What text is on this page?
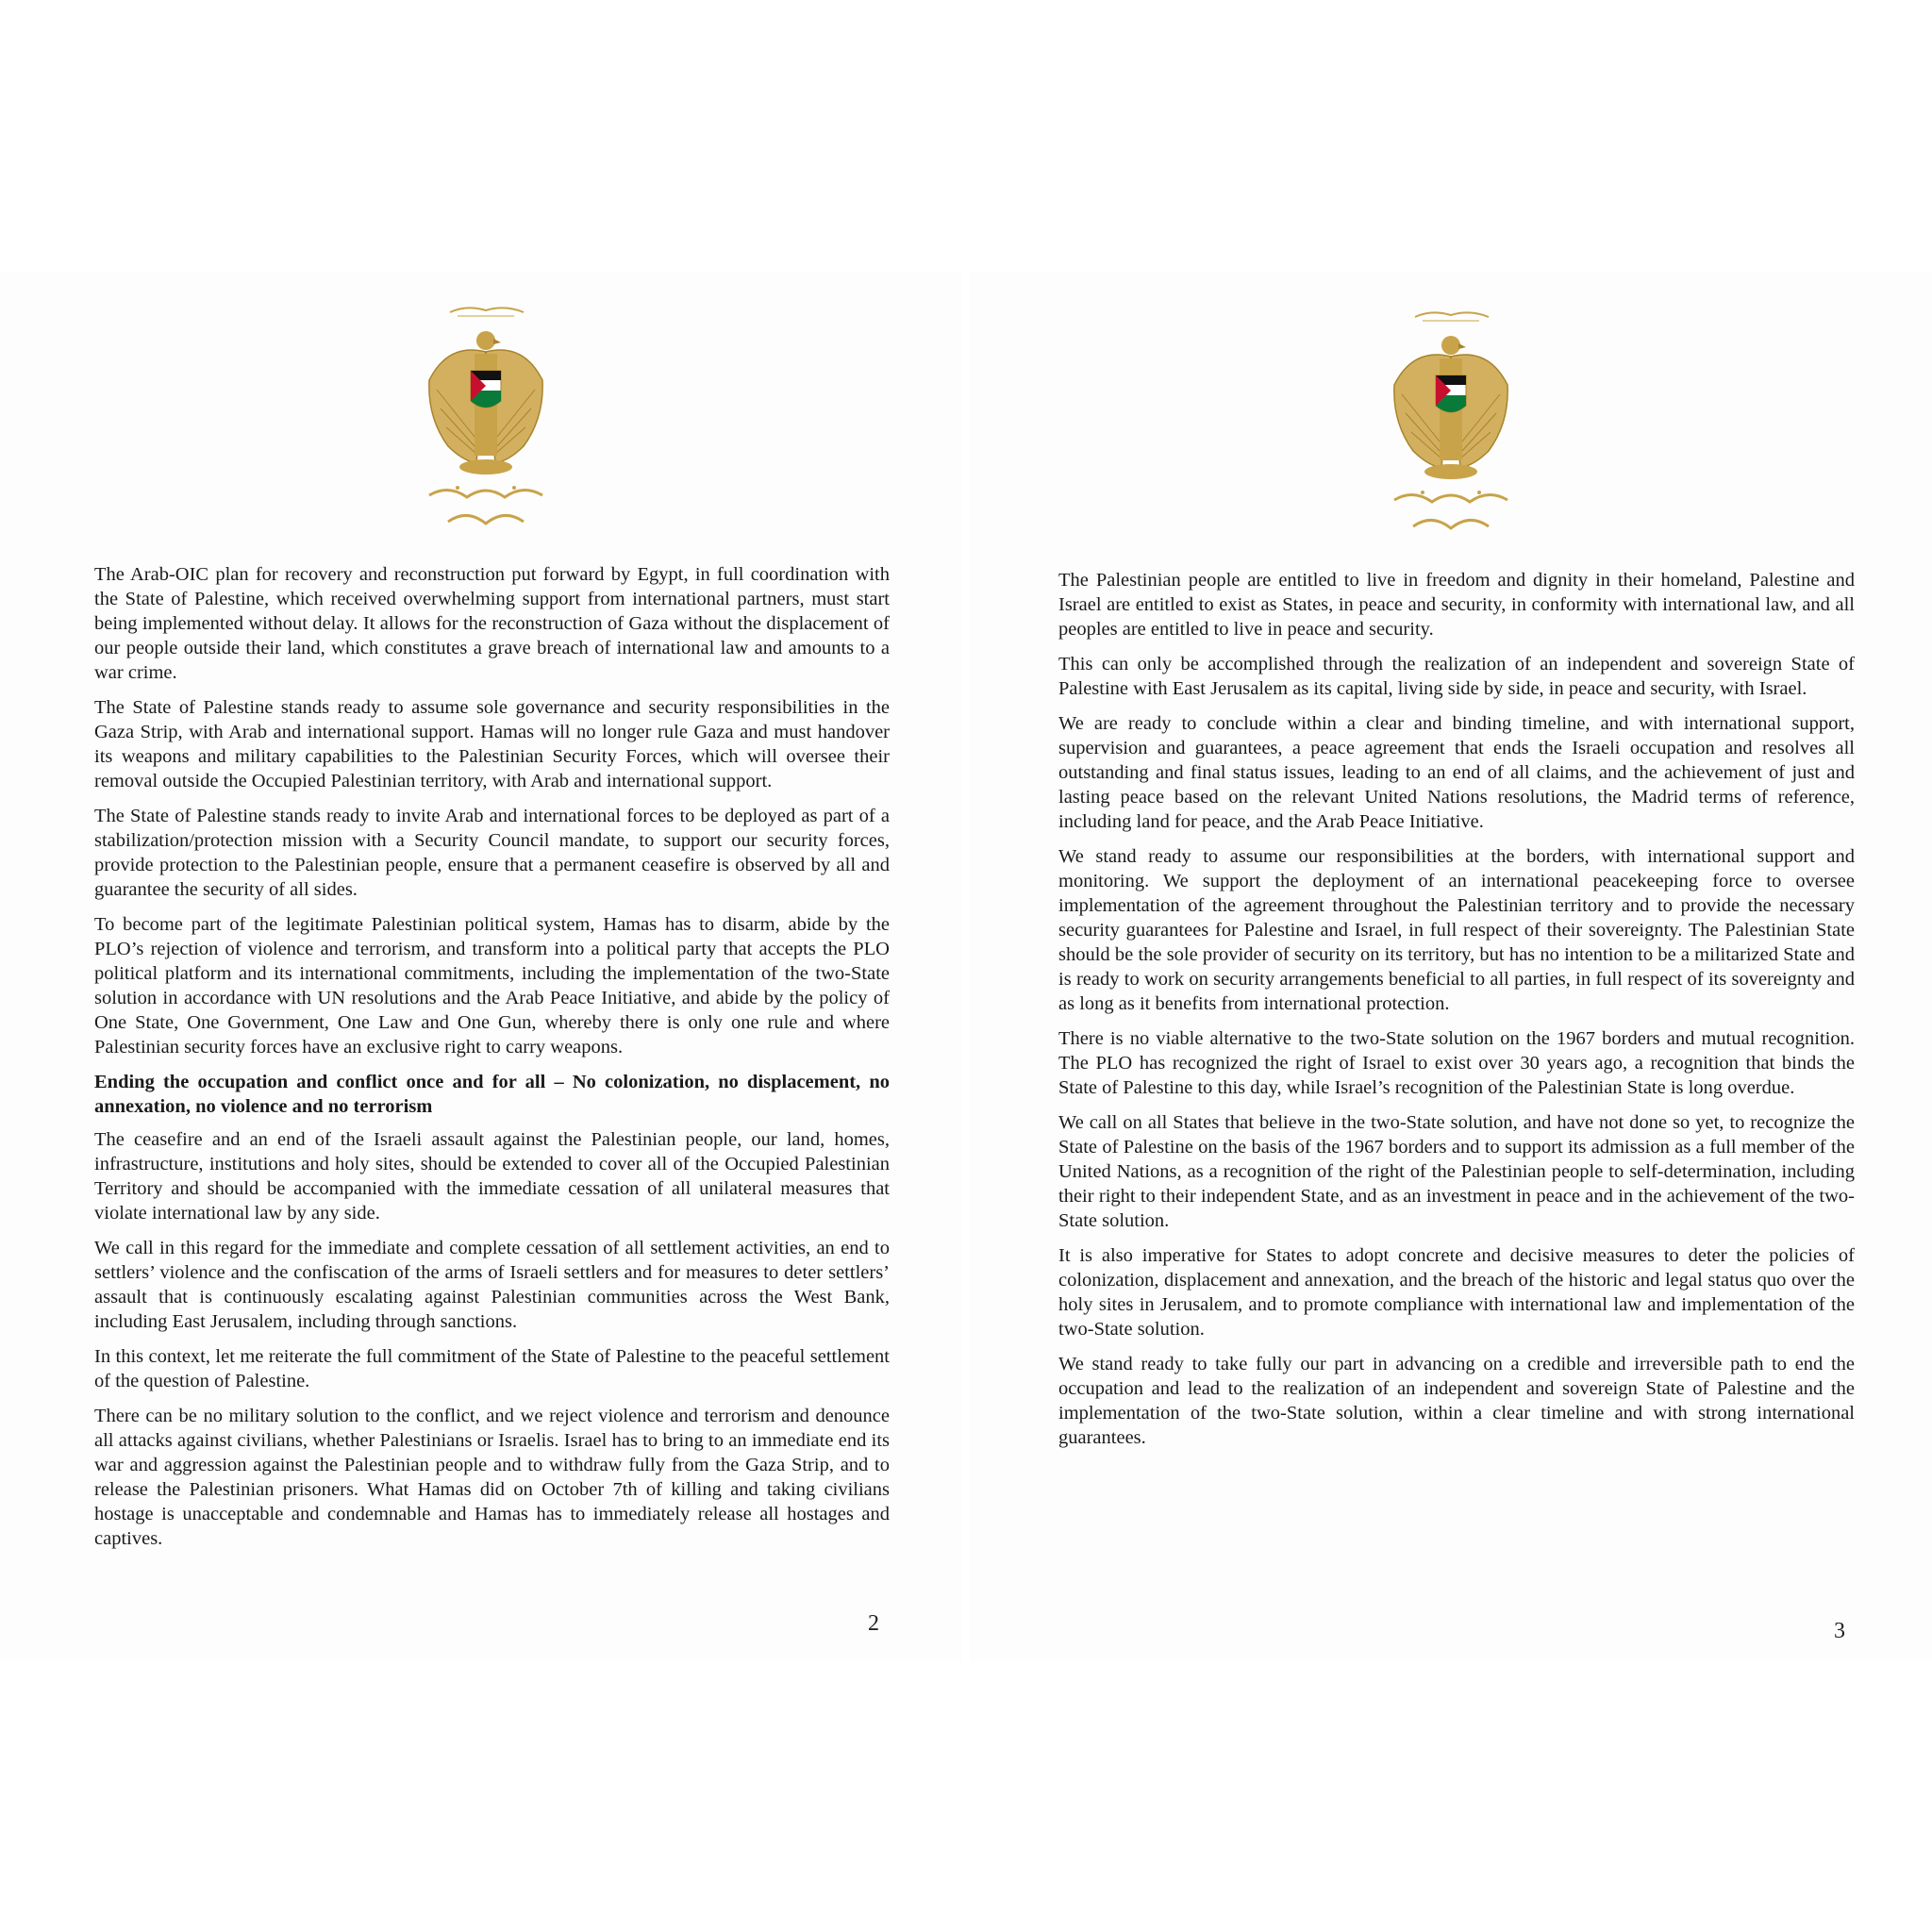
The Arab-OIC plan for recovery and reconstruction put forward by Egypt, in full coordination with the State of Palestine, which received overwhelming support from international partners, must start being implemented without delay. It allows for the reconstruction of Gaza without the displacement of our people outside their land, which constitutes a grave breach of international law and amounts to a war crime.

The State of Palestine stands ready to assume sole governance and security responsibilities in the Gaza Strip, with Arab and international support. Hamas will no longer rule Gaza and must handover its weapons and military capabilities to the Palestinian Security Forces, which will oversee their removal outside the Occupied Palestinian territory, with Arab and international support.

The State of Palestine stands ready to invite Arab and international forces to be deployed as part of a stabilization/protection mission with a Security Council mandate, to support our security forces, provide protection to the Palestinian people, ensure that a permanent ceasefire is observed by all and guarantee the security of all sides.

To become part of the legitimate Palestinian political system, Hamas has to disarm, abide by the PLO’s rejection of violence and terrorism, and transform into a political party that accepts the PLO political platform and its international commitments, including the implementation of the two-State solution in accordance with UN resolutions and the Arab Peace Initiative, and abide by the policy of One State, One Government, One Law and One Gun, whereby there is only one rule and where Palestinian security forces have an exclusive right to carry weapons.

Ending the occupation and conflict once and for all – No colonization, no displacement, no annexation, no violence and no terrorism

The ceasefire and an end of the Israeli assault against the Palestinian people, our land, homes, infrastructure, institutions and holy sites, should be extended to cover all of the Occupied Palestinian Territory and should be accompanied with the immediate cessation of all unilateral measures that violate international law by any side.

We call in this regard for the immediate and complete cessation of all settlement activities, an end to settlers’ violence and the confiscation of the arms of Israeli settlers and for measures to deter settlers’ assault that is continuously escalating against Palestinian communities across the West Bank, including East Jerusalem, including through sanctions.

In this context, let me reiterate the full commitment of the State of Palestine to the peaceful settlement of the question of Palestine.

There can be no military solution to the conflict, and we reject violence and terrorism and denounce all attacks against civilians, whether Palestinians or Israelis. Israel has to bring to an immediate end its war and aggression against the Palestinian people and to withdraw fully from the Gaza Strip, and to release the Palestinian prisoners. What Hamas did on October 7th of killing and taking civilians hostage is unacceptable and condemnable and Hamas has to immediately release all hostages and captives.

2

The Palestinian people are entitled to live in freedom and dignity in their homeland, Palestine and Israel are entitled to exist as States, in peace and security, in conformity with international law, and all peoples are entitled to live in peace and security.

This can only be accomplished through the realization of an independent and sovereign State of Palestine with East Jerusalem as its capital, living side by side, in peace and security, with Israel.

We are ready to conclude within a clear and binding timeline, and with international support, supervision and guarantees, a peace agreement that ends the Israeli occupation and resolves all outstanding and final status issues, leading to an end of all claims, and the achievement of just and lasting peace based on the relevant United Nations resolutions, the Madrid terms of reference, including land for peace, and the Arab Peace Initiative.

We stand ready to assume our responsibilities at the borders, with international support and monitoring. We support the deployment of an international peacekeeping force to oversee implementation of the agreement throughout the Palestinian territory and to provide the necessary security guarantees for Palestine and Israel, in full respect of their sovereignty. The Palestinian State should be the sole provider of security on its territory, but has no intention to be a militarized State and is ready to work on security arrangements beneficial to all parties, in full respect of its sovereignty and as long as it benefits from international protection.

There is no viable alternative to the two-State solution on the 1967 borders and mutual recognition. The PLO has recognized the right of Israel to exist over 30 years ago, a recognition that binds the State of Palestine to this day, while Israel’s recognition of the Palestinian State is long overdue.

We call on all States that believe in the two-State solution, and have not done so yet, to recognize the State of Palestine on the basis of the 1967 borders and to support its admission as a full member of the United Nations, as a recognition of the right of the Palestinian people to self-determination, including their right to their independent State, and as an investment in peace and in the achievement of the two-State solution.

It is also imperative for States to adopt concrete and decisive measures to deter the policies of colonization, displacement and annexation, and the breach of the historic and legal status quo over the holy sites in Jerusalem, and to promote compliance with international law and implementation of the two-State solution.

We stand ready to take fully our part in advancing on a credible and irreversible path to end the occupation and lead to the realization of an independent and sovereign State of Palestine and the implementation of the two-State solution, within a clear timeline and with strong international guarantees.

3
